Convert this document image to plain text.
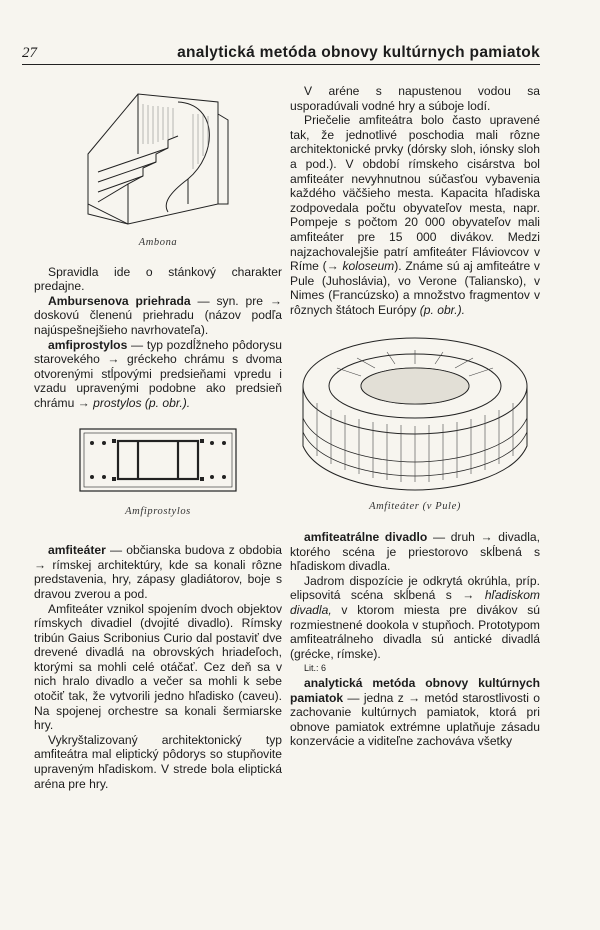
27	analytická metóda obnovy kultúrnych pamiatok
Ambona

Spravidla ide o stánkový charakter predajne.

Ambursenova priehrada — syn. pre → doskovú členenú priehradu (názov podľa najúspešnejšieho navrhovateľa).

amfiprostylos — typ pozdĺžneho pôdorysu starovekého → gréckeho chrámu s dvoma otvorenými stĺpovými predsieňami vpredu i vzadu upravenými podobne ako predsieň chrámu → prostylos (p. obr.).

Amfiprostylos

amfiteáter — občianska budova z obdobia → rímskej architektúry, kde sa konali rôzne predstavenia, hry, zápasy gladiátorov, boje s dravou zverou a pod.

Amfiteáter vznikol spojením dvoch objektov rímskych divadiel (dvojité divadlo). Rímsky tribún Gaius Scribonius Curio dal postaviť dve drevené divadlá na obrovských hriadeľoch, ktorými sa mohli celé otáčať. Cez deň sa v nich hralo divadlo a večer sa mohli k sebe otočiť tak, že vytvorili jedno hľadisko (caveu). Na spojenej orchestre sa konali šermiarske hry.

Vykryštalizovaný architektonický typ amfiteátra mal eliptický pôdorys so stupňovite upraveným hľadiskom. V strede bola eliptická aréna pre hry.

V aréne s napustenou vodou sa usporadúvali vodné hry a súboje lodí.

Priečelie amfiteátra bolo často upravené tak, že jednotlivé poschodia mali rôzne architektonické prvky (dórsky sloh, iónsky sloh a pod.). V období rímskeho cisárstva bol amfiteáter nevyhnutnou súčasťou vybavenia každého väčšieho mesta. Kapacita hľadiska zodpovedala počtu obyvateľov mesta, napr. Pompeje s počtom 20 000 obyvateľov mali amfiteáter pre 15 000 divákov. Medzi najzachovalejšie patrí amfiteáter Fláviovcov v Ríme (→ koloseum). Známe sú aj amfiteátre v Pule (Juhoslávia), vo Verone (Taliansko), v Nimes (Francúzsko) a množstvo fragmentov v rôznych štátoch Európy (p. obr.).

Amfiteáter (v Pule)

amfiteatrálne divadlo — druh → divadla, ktorého scéna je priestorovo skĺbená s hľadiskom divadla.

Jadrom dispozície je odkrytá okrúhla, príp. elipsovitá scéna skĺbená s → hľadiskom divadla, v ktorom miesta pre divákov sú rozmiestnené dookola v stupňoch. Prototypom amfiteatrálneho divadla sú antické divadlá (grécke, rímske).

Lit.: 6

analytická metóda obnovy kultúrnych pamiatok — jedna z → metód starostlivosti o zachovanie kultúrnych pamiatok, ktorá pri obnove pamiatok extrémne uplatňuje zásadu konzervácie a viditeľne zachováva všetky
